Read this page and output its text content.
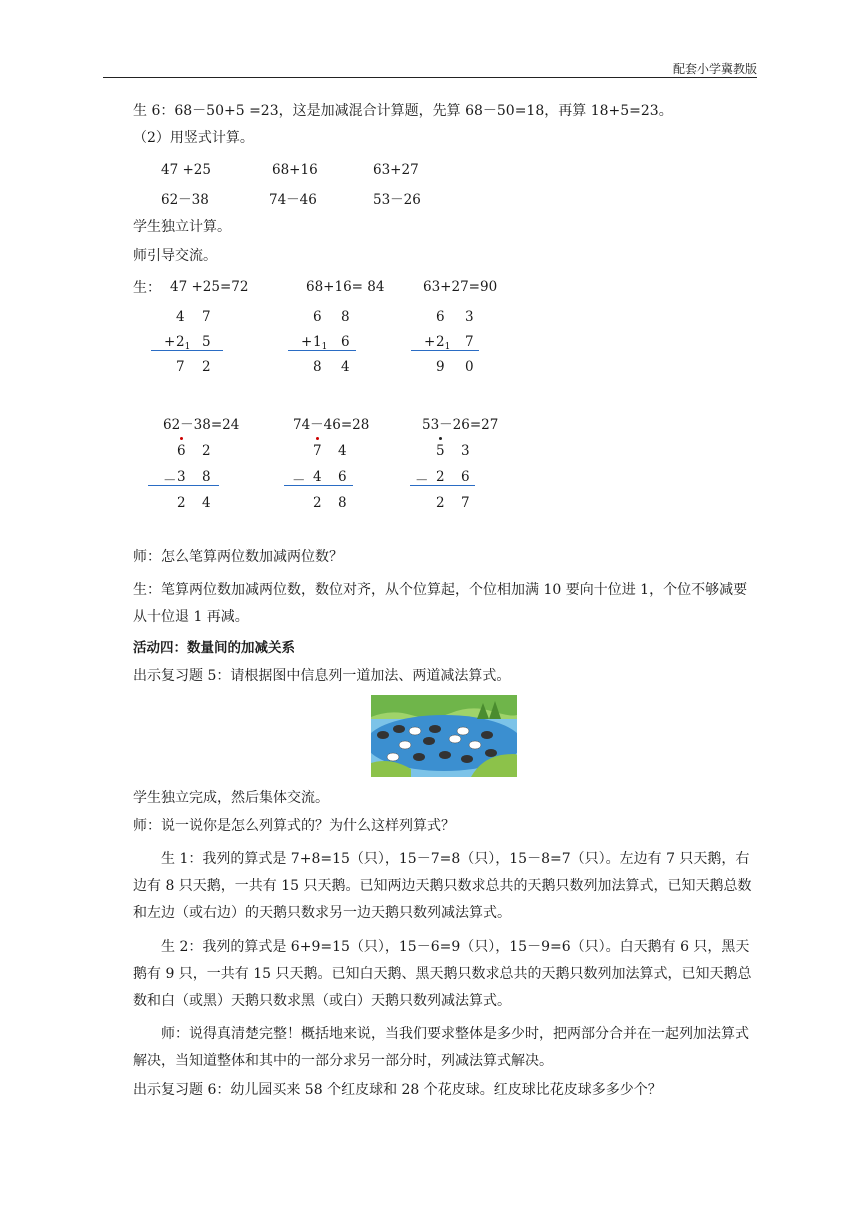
配套小学冀教版
生 6：68－50+5 =23，这是加减混合计算题，先算 68－50=18，再算 18+5=23。
（2）用竖式计算。
47 +25	68+16	63+27
62－38	74－46	53－26
学生独立计算。
师引导交流。
生： 47 +25=72
4 7
+ $2_1$ 5
7 2
68+16= 84
6 8
+ $1_1$ 6
8 4
63+27=90
6 3
+ $2_1$ 7
9 0
62－38=24
6 2
－ 3 8
2 4
74－46=28
7 4
－ 4 6
2 8
53－26=27
5 3
－ 2 6
2 7
师：怎么笔算两位数加减两位数？
生：笔算两位数加减两位数，数位对齐，从个位算起，个位相加满 10 要向十位进 1，个位不够减要从十位退 1 再减。
活动四：数量间的加减关系
出示复习题 5：请根据图中信息列一道加法、两道减法算式。
学生独立完成，然后集体交流。
师：说一说你是怎么列算式的？为什么这样列算式？
生 1：我列的算式是 7+8=15（只），15－7=8（只），15－8=7（只）。左边有 7 只天鹅，右边有 8 只天鹅，一共有 15 只天鹅。已知两边天鹅只数求总共的天鹅只数列加法算式，已知天鹅总数和左边（或右边）的天鹅只数求另一边天鹅只数列减法算式。
生 2：我列的算式是 6+9=15（只），15－6=9（只），15－9=6（只）。白天鹅有 6 只，黑天鹅有 9 只，一共有 15 只天鹅。已知白天鹅、黑天鹅只数求总共的天鹅只数列加法算式，已知天鹅总数和白（或黑）天鹅只数求黑（或白）天鹅只数列减法算式。
师：说得真清楚完整！概括地来说，当我们要求整体是多少时，把两部分合并在一起列加法算式解决，当知道整体和其中的一部分求另一部分时，列减法算式解决。
出示复习题 6：幼儿园买来 58 个红皮球和 28 个花皮球。红皮球比花皮球多多少个？
